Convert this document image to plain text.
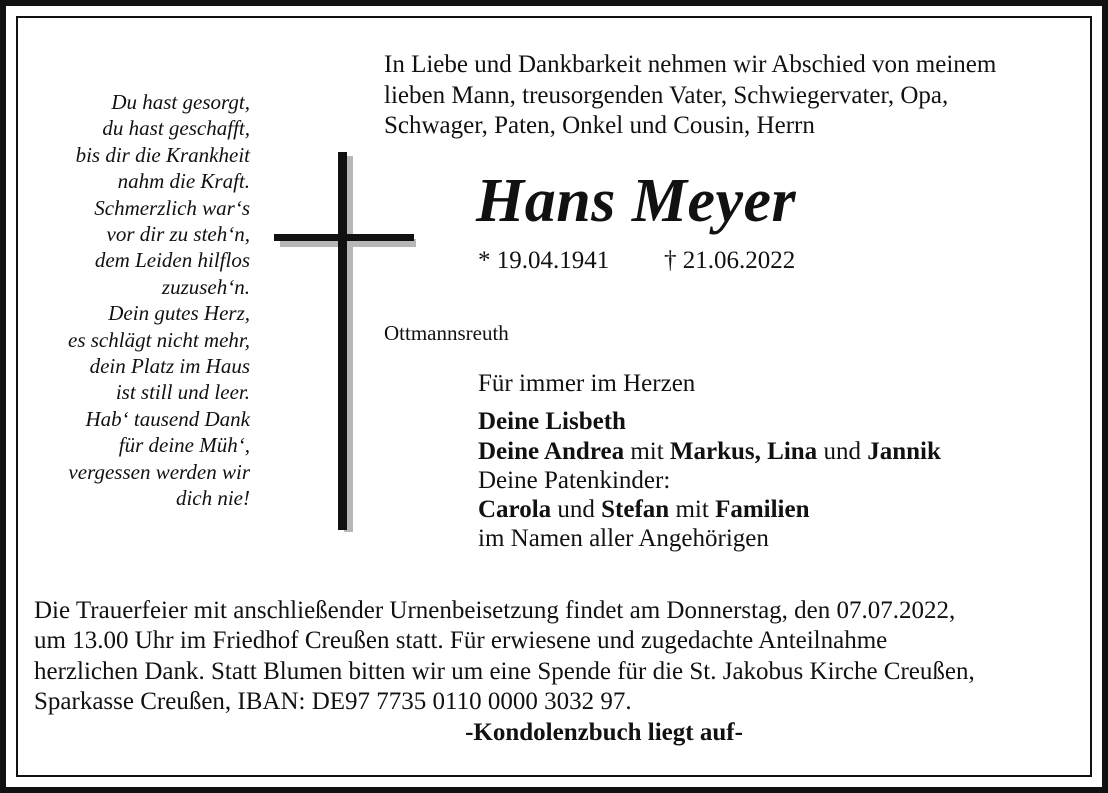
Du hast gesorgt,
du hast geschafft,
bis dir die Krankheit
nahm die Kraft.
Schmerzlich war‘s
vor dir zu steh‘n,
dem Leiden hilflos
zuzuseh‘n.
Dein gutes Herz,
es schlägt nicht mehr,
dein Platz im Haus
ist still und leer.
Hab‘ tausend Dank
für deine Müh‘,
vergessen werden wir
dich nie!
In Liebe und Dankbarkeit nehmen wir Abschied von meinem
lieben Mann, treusorgenden Vater, Schwiegervater, Opa,
Schwager, Paten, Onkel und Cousin, Herrn
Hans Meyer
* 19.04.1941 † 21.06.2022
Ottmannsreuth
Für immer im Herzen
Deine Lisbeth
Deine Andrea mit Markus, Lina und Jannik
Deine Patenkinder:
Carola und Stefan mit Familien
im Namen aller Angehörigen
Die Trauerfeier mit anschließender Urnenbeisetzung findet am Donnerstag, den 07.07.2022,
um 13.00 Uhr im Friedhof Creußen statt. Für erwiesene und zugedachte Anteilnahme
herzlichen Dank. Statt Blumen bitten wir um eine Spende für die St. Jakobus Kirche Creußen,
Sparkasse Creußen, IBAN: DE97 7735 0110 0000 3032 97.
-Kondolenzbuch liegt auf-
